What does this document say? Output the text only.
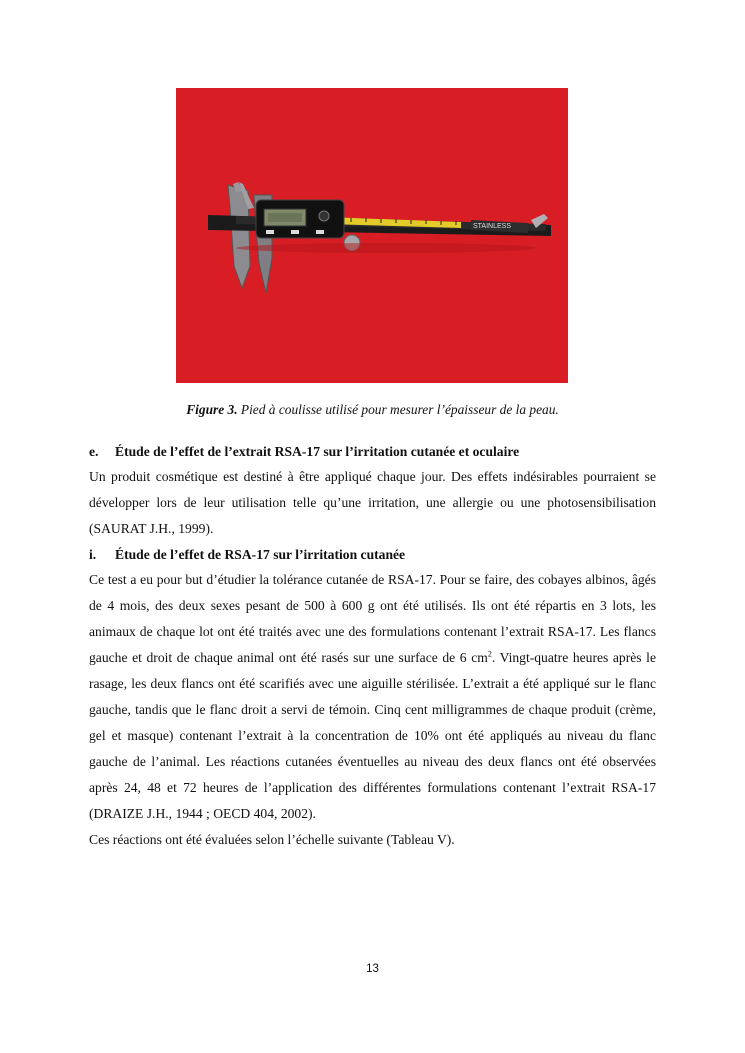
STAINLESS
Figure 3. Pied à coulisse utilisé pour mesurer l’épaisseur de la peau.
e. Étude de l’effet de l’extrait RSA-17 sur l’irritation cutanée et oculaire

Un produit cosmétique est destiné à être appliqué chaque jour. Des effets indésirables pourraient se développer lors de leur utilisation telle qu’une irritation, une allergie ou une photosensibilisation (SAURAT J.H., 1999).

i. Étude de l’effet de RSA-17 sur l’irritation cutanée

Ce test a eu pour but d’étudier la tolérance cutanée de RSA-17. Pour se faire, des cobayes albinos, âgés de 4 mois, des deux sexes pesant de 500 à 600 g ont été utilisés. Ils ont été répartis en 3 lots, les animaux de chaque lot ont été traités avec une des formulations contenant l’extrait RSA-17. Les flancs gauche et droit de chaque animal ont été rasés sur une surface de 6 $cm^2$. Vingt-quatre heures après le rasage, les deux flancs ont été scarifiés avec une aiguille stérilisée. L’extrait a été appliqué sur le flanc gauche, tandis que le flanc droit a servi de témoin. Cinq cent milligrammes de chaque produit (crème, gel et masque) contenant l’extrait à la concentration de 10% ont été appliqués au niveau du flanc gauche de l’animal. Les réactions cutanées éventuelles au niveau des deux flancs ont été observées après 24, 48 et 72 heures de l’application des différentes formulations contenant l’extrait RSA-17 (DRAIZE J.H., 1944 ; OECD 404, 2002).

Ces réactions ont été évaluées selon l’échelle suivante (Tableau V).

13
